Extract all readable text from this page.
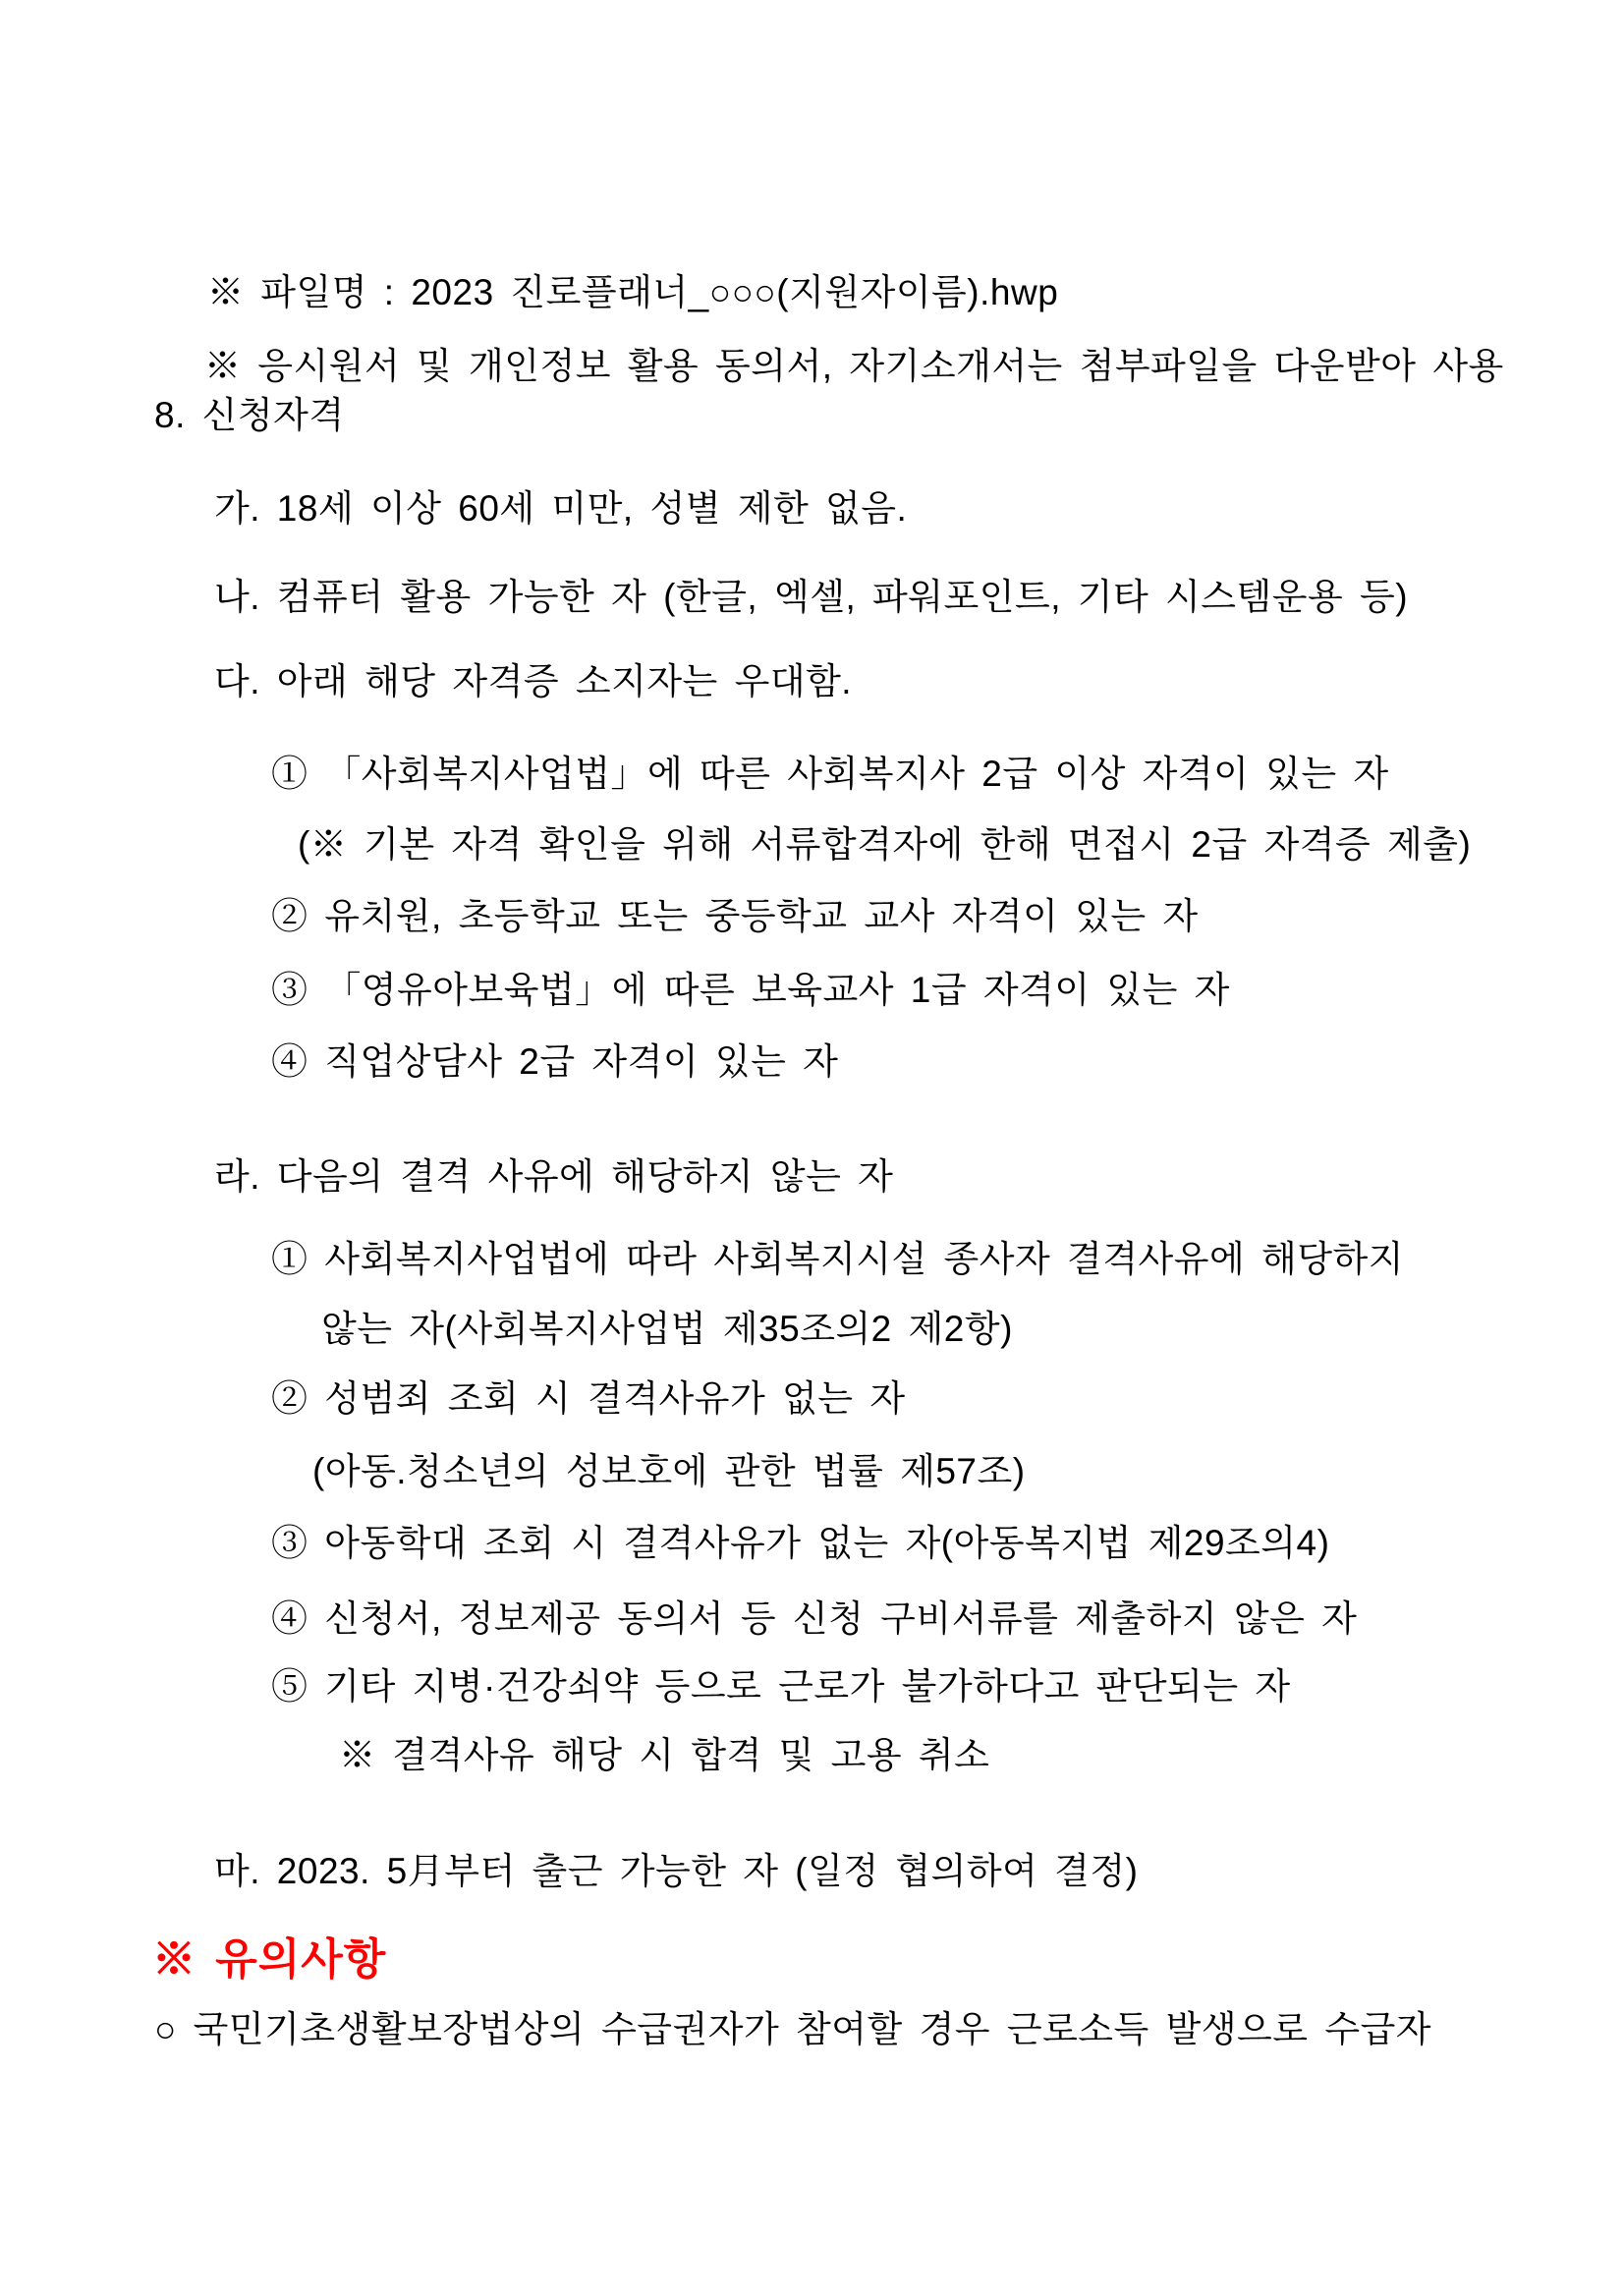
※ 파일명 : 2023 진로플래너_○○○(지원자이름).hwp
※ 응시원서 및 개인정보 활용 동의서, 자기소개서는 첨부파일을 다운받아 사용
8. 신청자격
가. 18세 이상 60세 미만, 성별 제한 없음.
나. 컴퓨터 활용 가능한 자 (한글, 엑셀, 파워포인트, 기타 시스템운용 등)
다. 아래 해당 자격증 소지자는 우대함.
① 「사회복지사업법」에 따른 사회복지사 2급 이상 자격이 있는 자
(※ 기본 자격 확인을 위해 서류합격자에 한해 면접시 2급 자격증 제출)
② 유치원, 초등학교 또는 중등학교 교사 자격이 있는 자
③ 「영유아보육법」에 따른 보육교사 1급 자격이 있는 자
④ 직업상담사 2급 자격이 있는 자
라. 다음의 결격 사유에 해당하지 않는 자
① 사회복지사업법에 따라 사회복지시설 종사자 결격사유에 해당하지
않는 자(사회복지사업법 제35조의2 제2항)
② 성범죄 조회 시 결격사유가 없는 자
(아동.청소년의 성보호에 관한 법률 제57조)
③ 아동학대 조회 시 결격사유가 없는 자(아동복지법 제29조의4)
④ 신청서, 정보제공 동의서 등 신청 구비서류를 제출하지 않은 자
⑤ 기타 지병·건강쇠약 등으로 근로가 불가하다고 판단되는 자
※ 결격사유 해당 시 합격 및 고용 취소
마. 2023. 5月부터 출근 가능한 자 (일정 협의하여 결정)
※ 유의사항
○ 국민기초생활보장법상의 수급권자가 참여할 경우 근로소득 발생으로 수급자
